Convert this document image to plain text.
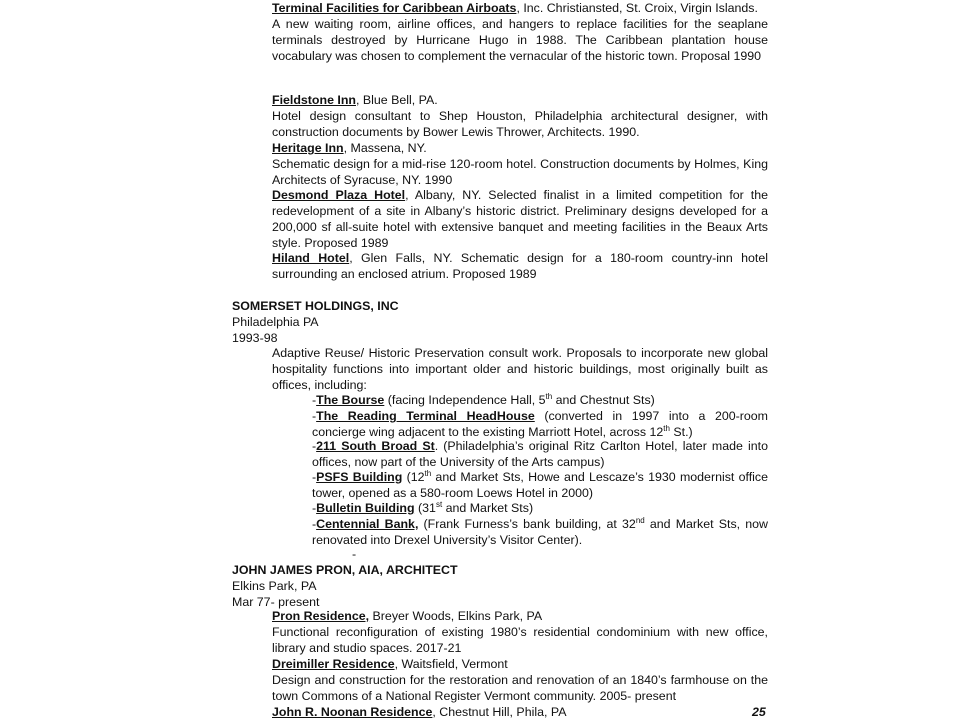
Terminal Facilities for Caribbean Airboats, Inc. Christiansted, St. Croix, Virgin Islands.

A new waiting room, airline offices, and hangers to replace facilities for the seaplane terminals destroyed by Hurricane Hugo in 1988. The Caribbean plantation house vocabulary was chosen to complement the vernacular of the historic town. Proposal 1990

Fieldstone Inn, Blue Bell, PA.

Hotel design consultant to Shep Houston, Philadelphia architectural designer, with construction documents by Bower Lewis Thrower, Architects. 1990.

Heritage Inn, Massena, NY.

Schematic design for a mid-rise 120-room hotel. Construction documents by Holmes, King Architects of Syracuse, NY. 1990

Desmond Plaza Hotel, Albany, NY. Selected finalist in a limited competition for the redevelopment of a site in Albany’s historic district. Preliminary designs developed for a 200,000 sf all-suite hotel with extensive banquet and meeting facilities in the Beaux Arts style. Proposed 1989

Hiland Hotel, Glen Falls, NY. Schematic design for a 180-room country-inn hotel surrounding an enclosed atrium. Proposed 1989

SOMERSET HOLDINGS, INC
Philadelphia PA
1993-98
Adaptive Reuse/ Historic Preservation consult work. Proposals to incorporate new global hospitality functions into important older and historic buildings, most originally built as offices, including:
-The Bourse (facing Independence Hall, 5th and Chestnut Sts)
-The Reading Terminal HeadHouse (converted in 1997 into a 200-room concierge wing adjacent to the existing Marriott Hotel, across 12th St.)
-211 South Broad St. (Philadelphia’s original Ritz Carlton Hotel, later made into offices, now part of the University of the Arts campus)
-PSFS Building (12th and Market Sts, Howe and Lescaze’s 1930 modernist office tower, opened as a 580-room Loews Hotel in 2000)
-Bulletin Building (31st and Market Sts)
-Centennial Bank, (Frank Furness’s bank building, at 32nd and Market Sts, now renovated into Drexel University’s Visitor Center).
-
JOHN JAMES PRON, AIA, ARCHITECT
Elkins Park, PA
Mar 77- present

Pron Residence, Breyer Woods, Elkins Park, PA

Functional reconfiguration of existing 1980’s residential condominium with new office, library and studio spaces. 2017-21

Dreimiller Residence, Waitsfield, Vermont

Design and construction for the restoration and renovation of an 1840’s farmhouse on the town Commons of a National Register Vermont community. 2005- present

John R. Noonan Residence, Chestnut Hill, Phila, PA	25
